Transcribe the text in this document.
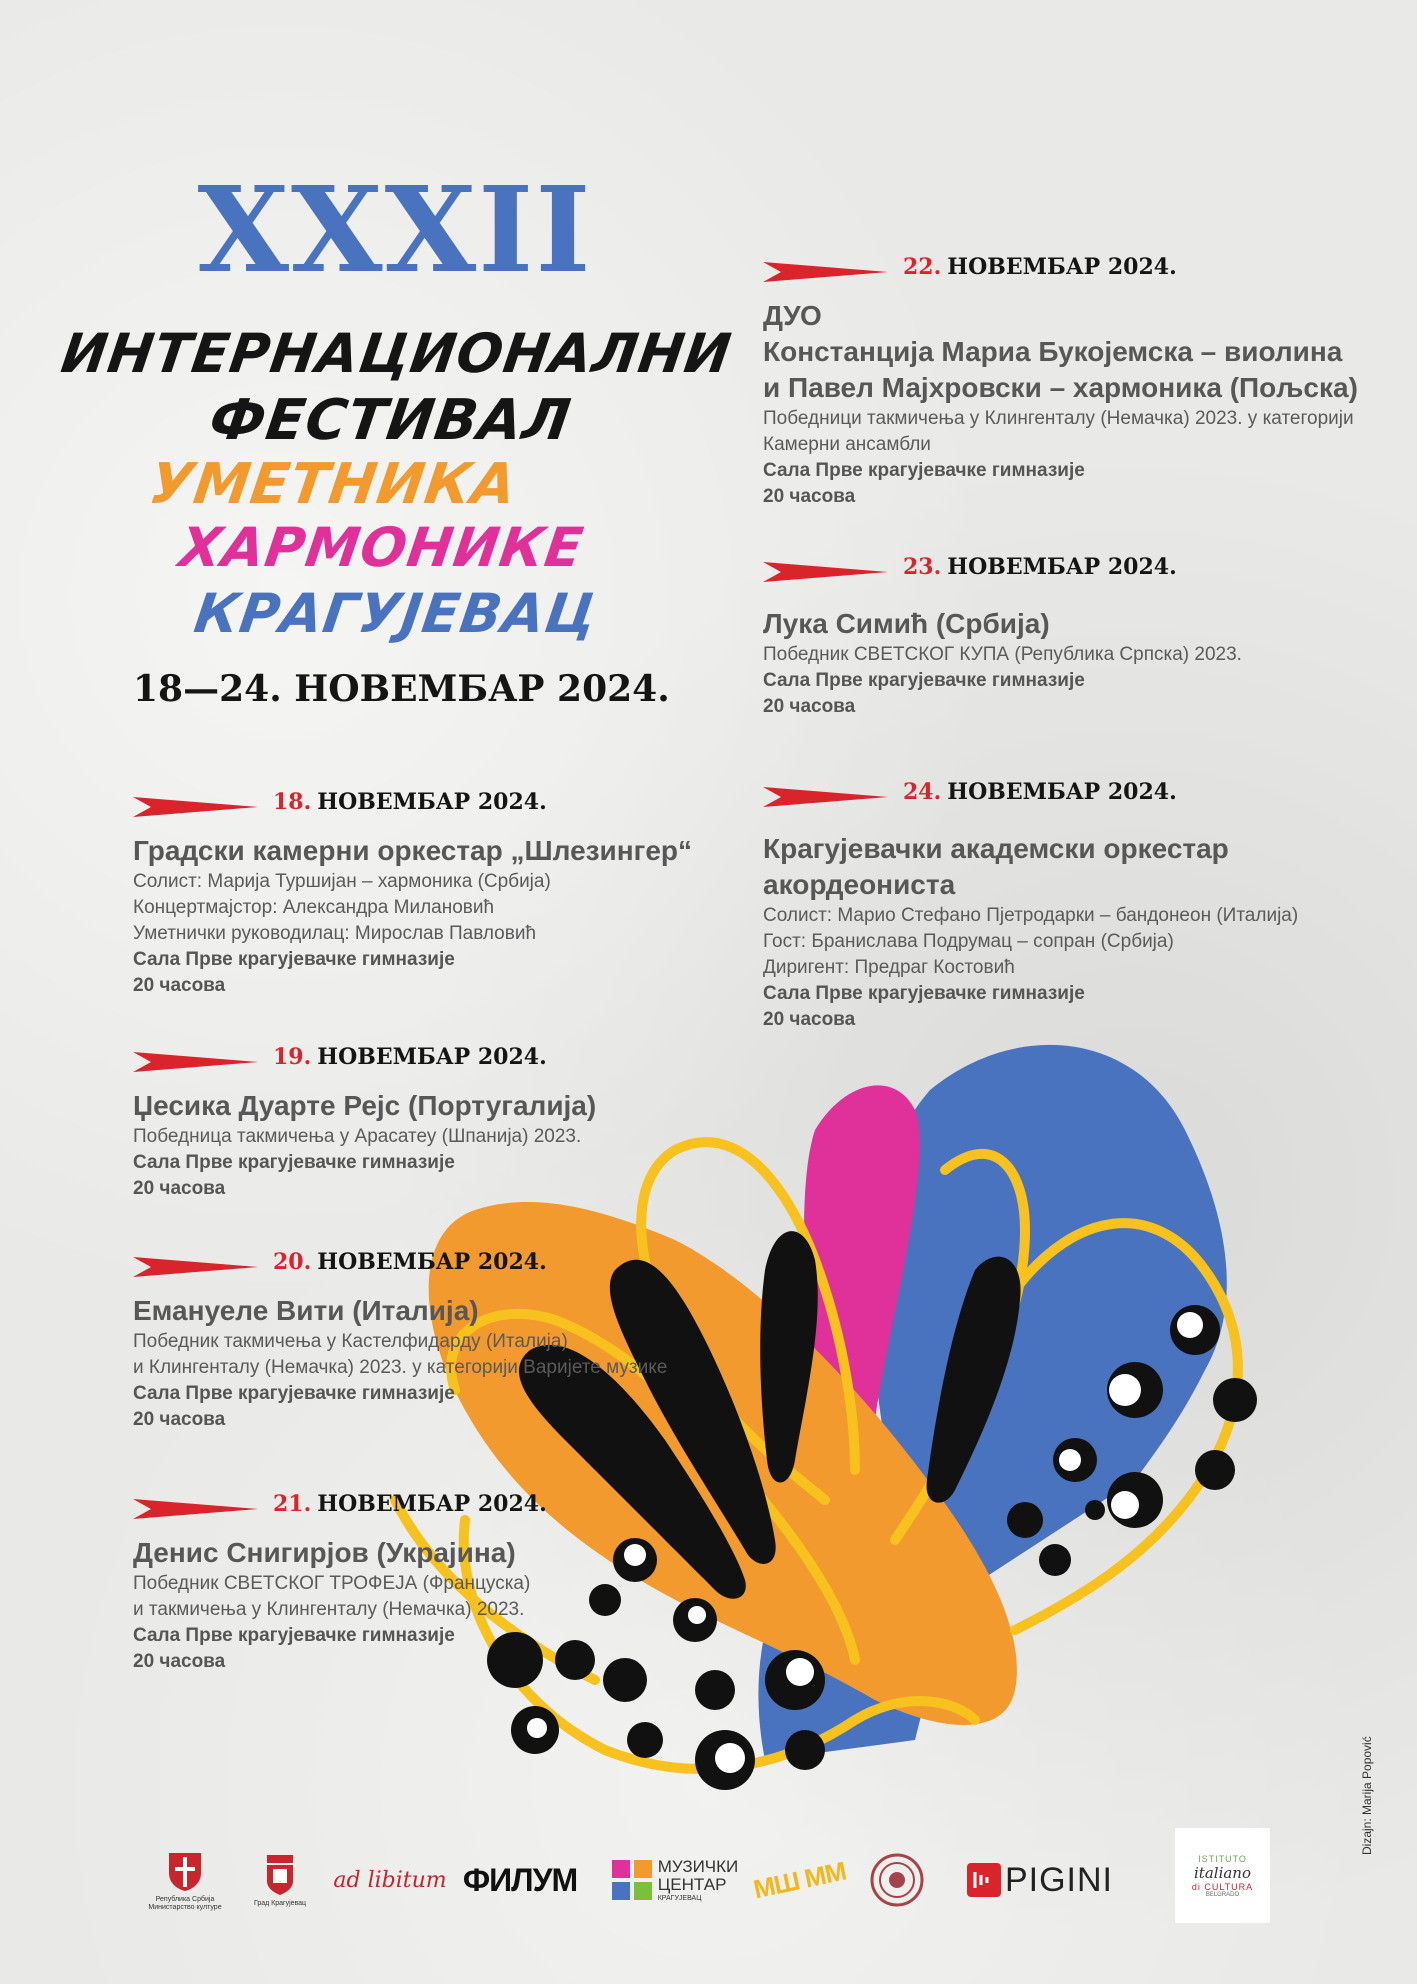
XXXII
ИНТЕРНАЦИОНАЛНИ
ФЕСТИВАЛ
УМЕТНИКА
ХАРМОНИКЕ
КРАГУЈЕВАЦ
18—24. НОВЕМБАР 2024.
18. НОВЕМБАР 2024.
Градски камерни оркестар „Шлезингер“
Солист: Марија Туршијан – хармоника (Србија)
Концертмајстор: Александра Милановић
Уметнички руководилац: Мирослав Павловић
Сала Прве крагујевачке гимназије
20 часова
19. НОВЕМБАР 2024.
Џесика Дуарте Рејс (Португалија)
Победница такмичења у Арасатеу (Шпанија) 2023.
Сала Прве крагујевачке гимназије
20 часова
20. НОВЕМБАР 2024.
Емануеле Вити (Италија)
Победник такмичења у Кастелфидардy (Италија)
и Клингенталу (Немачка) 2023. у категорији Варијете музике
Сала Прве крагујевачке гимназије
20 часова
21. НОВЕМБАР 2024.
Денис Снигирјов (Украјина)
Победник СВЕТСКОГ ТРОФЕЈА (Француска)
и такмичења у Клингенталу (Немачка) 2023.
Сала Прве крагујевачке гимназије
20 часова
22. НОВЕМБАР 2024.
ДУО
Констанција Мариа Букојемска – виолина
и Павел Мајхровски – хармоника (Пољска)
Победници такмичења у Клингенталу (Немачка) 2023. у категорији
Камерни ансамбли
Сала Прве крагујевачке гимназије
20 часова
23. НОВЕМБАР 2024.
Лука Симић (Србија)
Победник СВЕТСКОГ КУПА (Република Српска) 2023.
Сала Прве крагујевачке гимназије
20 часова
24. НОВЕМБАР 2024.
Крагујевачки академски оркестар
акордеониста
Солист: Марио Стефано Пјетродарки – бандонеон (Италија)
Гост: Бранислава Подрумац – сопран (Србија)
Диригент: Предраг Костовић
Сала Прве крагујевачке гимназије
20 часова
Република Србија
Министарство културе
Град Крагујевац
ad libitum ФИЛУМ	МУЗИЧКИ
ЦЕНТАР
КРАГУЈЕВАЦ	МШ ММ	PIGINI
ISTITUTO
italiano
di CULTURA
BELGRADO
Dizajn: Marija Popović
